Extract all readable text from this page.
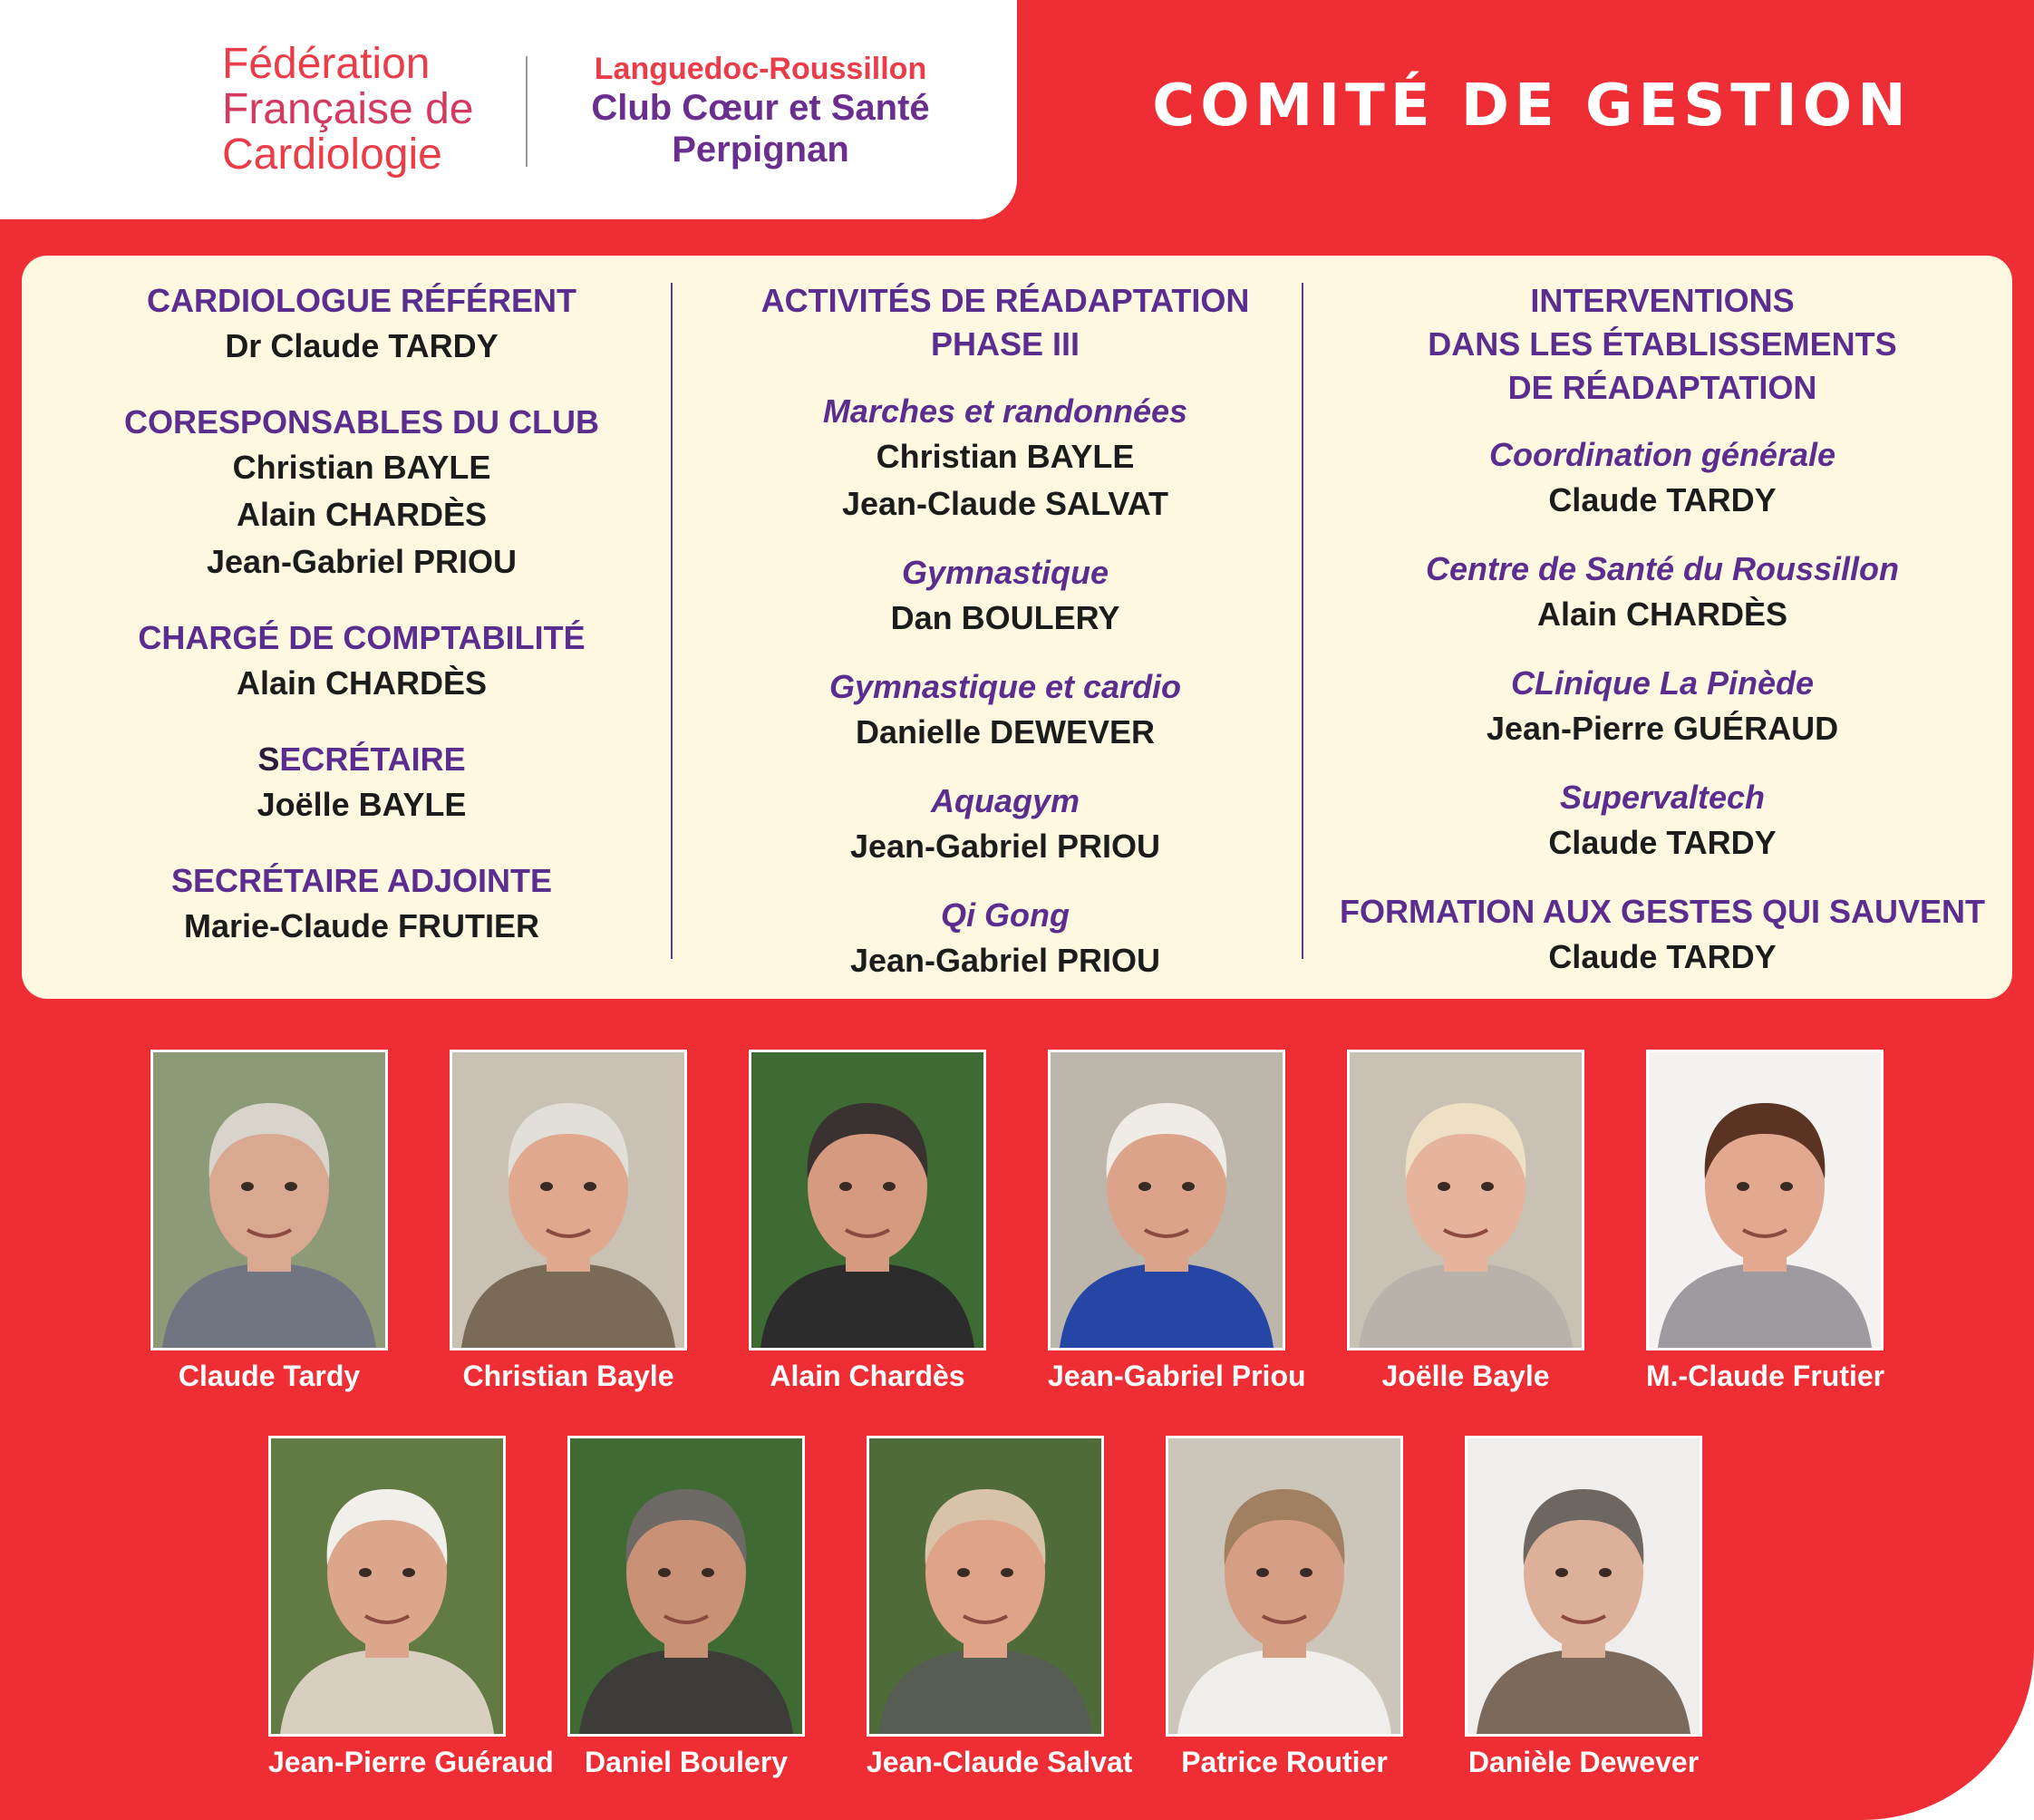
Fédération
Française de
Cardiologie
Languedoc-Roussillon
Club Cœur et Santé
Perpignan
COMITÉ DE GESTION
CARDIOLOGUE RÉFÉRENT
Dr Claude TARDY
CORESPONSABLES DU CLUB
Christian BAYLE
Alain CHARDÈS
Jean-Gabriel PRIOU
CHARGÉ DE COMPTABILITÉ
Alain CHARDÈS
SECRÉTAIRE
Joëlle BAYLE
SECRÉTAIRE ADJOINTE
Marie-Claude FRUTIER
ACTIVITÉS DE RÉADAPTATION
PHASE III
Marches et randonnées
Christian BAYLE
Jean-Claude SALVAT
Gymnastique
Dan BOULERY
Gymnastique et cardio
Danielle DEWEVER
Aquagym
Jean-Gabriel PRIOU
Qi Gong
Jean-Gabriel PRIOU
INTERVENTIONS
DANS LES ÉTABLISSEMENTS
DE RÉADAPTATION
Coordination générale
Claude TARDY
Centre de Santé du Roussillon
Alain CHARDÈS
CLinique La Pinède
Jean-Pierre GUÉRAUD
Supervaltech
Claude TARDY
FORMATION AUX GESTES QUI SAUVENT
Claude TARDY
Claude Tardy	Christian Bayle	Alain Chardès	Jean-Gabriel Priou	Joëlle Bayle	M.-Claude Frutier
Jean-Pierre Guéraud	Daniel Boulery	Jean-Claude Salvat	Patrice Routier	Danièle Dewever
